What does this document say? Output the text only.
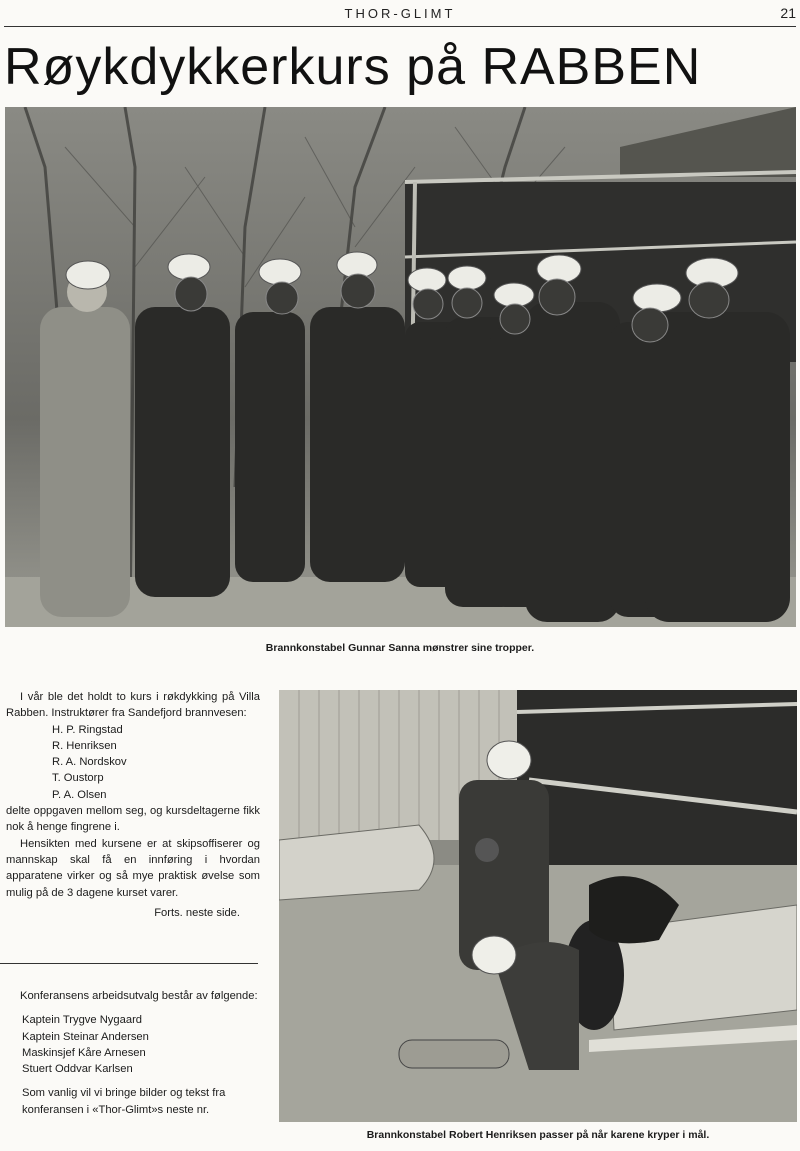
THOR-GLIMT	21
Røykdykkerkurs på RABBEN
Brannkonstabel Gunnar Sanna mønstrer sine tropper.

I vår ble det holdt to kurs i røkdykking på Villa Rabben. Instruktører fra Sandefjord brannvesen:

H. P. Ringstad
R. Henriksen
R. A. Nordskov
T. Oustorp
P. A. Olsen

delte oppgaven mellom seg, og kursdeltagerne fikk nok å henge fingrene i.

Hensikten med kursene er at skipsoffiserer og mannskap skal få en innføring i hvordan apparatene virker og så mye praktisk øvelse som mulig på de 3 dagene kurset varer.

Forts. neste side.

Konferansens arbeidsutvalg består av følgende:

Kaptein Trygve Nygaard
Kaptein Steinar Andersen
Maskinsjef Kåre Arnesen
Stuert Oddvar Karlsen

Som vanlig vil vi bringe bilder og tekst fra konferansen i «Thor-Glimt»s neste nr.

Brannkonstabel Robert Henriksen passer på når karene kryper i mål.
